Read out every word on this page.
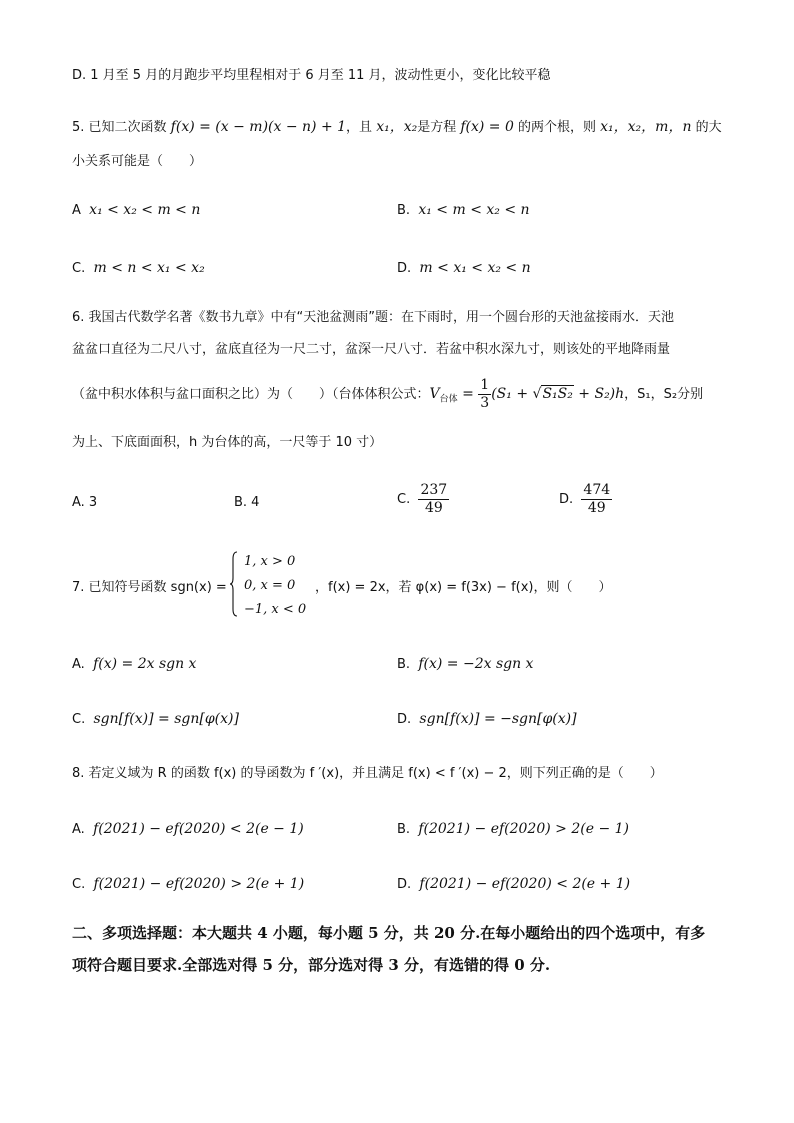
D. 1 月至 5 月的月跑步平均里程相对于 6 月至 11 月，波动性更小，变化比较平稳
5. 已知二次函数 f(x) = (x − m)(x − n) + 1，且 x₁，x₂是方程 f(x) = 0 的两个根，则 x₁，x₂，m，n 的大
小关系可能是（　　）
A x₁ < x₂ < m < n	B. x₁ < m < x₂ < n
C. m < n < x₁ < x₂	D. m < x₁ < x₂ < n
6. 我国古代数学名著《数书九章》中有“天池盆测雨”题：在下雨时，用一个圆台形的天池盆接雨水．天池
盆盆口直径为二尺八寸，盆底直径为一尺二寸，盆深一尺八寸．若盆中积水深九寸，则该处的平地降雨量
（盆中积水体积与盆口面积之比）为（　　）（台体体积公式：$V_{台体} = \frac{1}{3} (S_1 + √S_1S_2 + S_2)h$，S₁，S₂分别
为上、下底面面积，h 为台体的高，一尺等于 10 寸）
A. 3	B. 4	C. $\frac{237}{49}$	D. $\frac{474}{49}$
7. 已知符号函数 sgn(x) =
1, x > 0
0, x = 0
−1, x < 0
，f(x) = 2x，若 φ(x) = f(3x) − f(x)，则（　　）
A. f(x) = 2x sgn x	B. f(x) = −2x sgn x
C. sgn[f(x)] = sgn[φ(x)]	D. sgn[f(x)] = −sgn[φ(x)]
8. 若定义域为 R 的函数 f(x) 的导函数为 f ′(x)，并且满足 f(x) < f ′(x) − 2，则下列正确的是（　　）
A. f(2021) − ef(2020) < 2(e − 1)	B. f(2021) − ef(2020) > 2(e − 1)
C. f(2021) − ef(2020) > 2(e + 1)	D. f(2021) − ef(2020) < 2(e + 1)
二、多项选择题：本大题共 4 小题，每小题 5 分，共 20 分.在每小题给出的四个选项中，有多
项符合题目要求.全部选对得 5 分，部分选对得 3 分，有选错的得 0 分.
